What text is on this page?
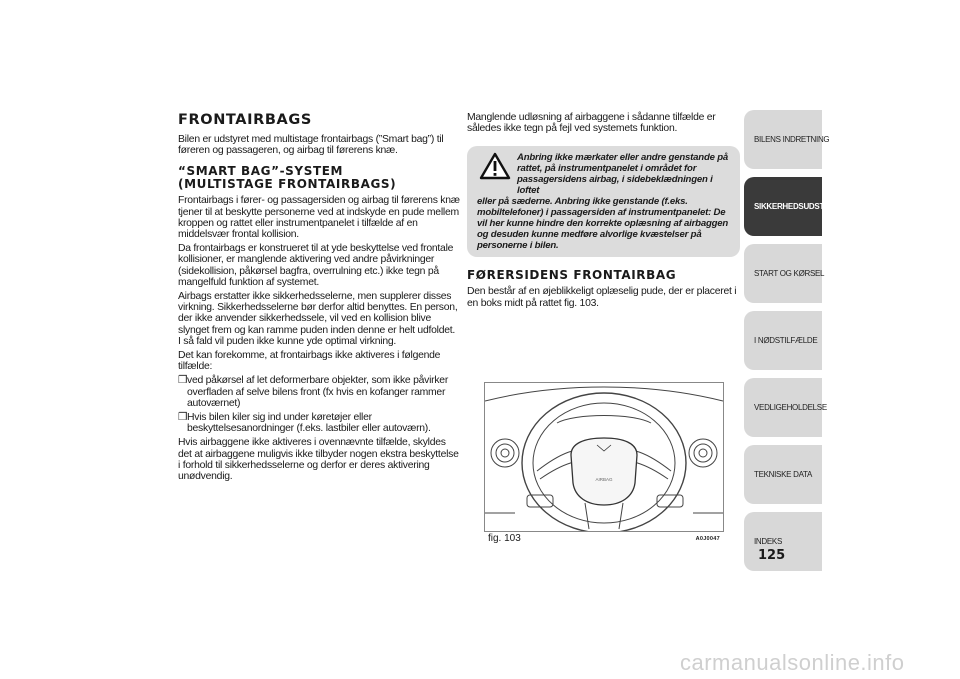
FRONTAIRBAGS

Bilen er udstyret med multistage frontairbags (”Smart bag”) til føreren og passageren, og airbag til førerens knæ.

“SMART BAG”-SYSTEM
(MULTISTAGE FRONTAIRBAGS)

Frontairbags i fører- og passagersiden og airbag til førerens knæ tjener til at beskytte personerne ved at indskyde en pude mellem kroppen og rattet eller instrumentpanelet i tilfælde af en middelsvær frontal kollision.

Da frontairbags er konstrueret til at yde beskyttelse ved frontale kollisioner, er manglende aktivering ved andre påvirkninger (sidekollision, påkørsel bagfra, overrulning etc.) ikke tegn på mangelfuld funktion af systemet.

Airbags erstatter ikke sikkerhedsselerne, men supplerer disses virkning. Sikkerhedsselerne bør derfor altid benyttes. En person, der ikke anvender sikkerhedssele, vil ved en kollision blive slynget frem og kan ramme puden inden denne er helt udfoldet. I så fald vil puden ikke kunne yde optimal virkning.

Det kan forekomme, at frontairbags ikke aktiveres i følgende tilfælde:

❒ ved påkørsel af let deformerbare objekter, som ikke påvirker overfladen af selve bilens front (fx hvis en kofanger rammer autoværnet)
❒ Hvis bilen kiler sig ind under køretøjer eller beskyttelsesanordninger (f.eks. lastbiler eller autoværn).

Hvis airbaggene ikke aktiveres i ovennævnte tilfælde, skyldes det at airbaggene muligvis ikke tilbyder nogen ekstra beskyttelse i forhold til sikkerhedsselerne og derfor er deres aktivering unødvendig.

Manglende udløsning af airbaggene i sådanne tilfælde er således ikke tegn på fejl ved systemets funktion.

Anbring ikke mærkater eller andre genstande på rattet, på instrumentpanelet i området for passagersidens airbag, i sidebeklædningen i loftet
eller på sæderne. Anbring ikke genstande (f.eks. mobiltelefoner) i passagersiden af instrumentpanelet: De vil her kunne hindre den korrekte oplæsning af airbaggen og desuden kunne medføre alvorlige kvæstelser på personerne i bilen.
FØRERSIDENS FRONTAIRBAG

Den består af en øjeblikkeligt oplæselig pude, der er placeret i en boks midt på rattet fig. 103.

AIRBAG
fig. 103	A0J0047
BILENS INDRETNING
SIKKERHEDSUDSTYR
START OG KØRSEL
I NØDSTILFÆLDE
VEDLIGEHOLDELSE
TEKNISKE DATA
INDEKS
125
carmanualsonline.info
